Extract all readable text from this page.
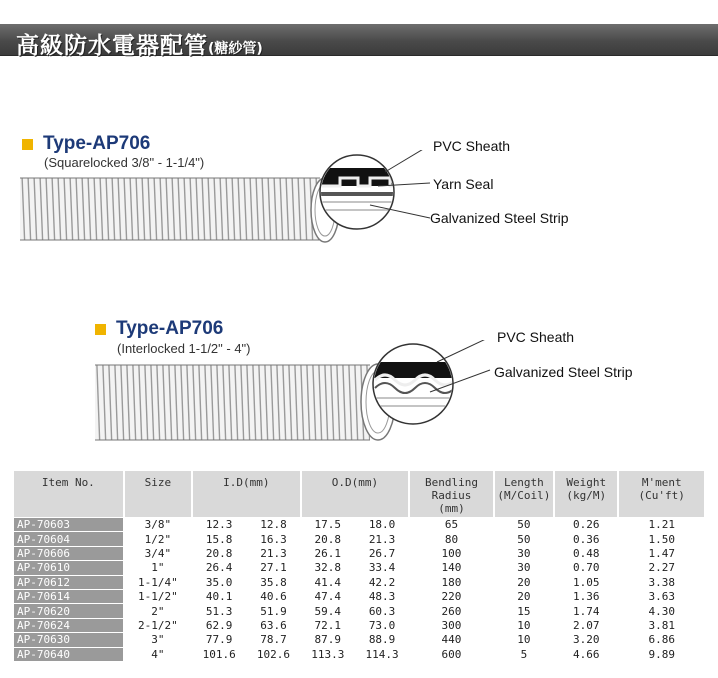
高級防水電器配管(糖紗管)
Type-AP706
(Squarelocked 3/8" - 1-1/4")
PVC Sheath
Yarn Seal
Galvanized Steel Strip
Type-AP706
(Interlocked 1-1/2" - 4")
PVC Sheath
Galvanized Steel Strip
Item No.	Size	I.D(mm)		O.D(mm)		Bendling
Radius
(mm)	Length
(M/Coil)	Weight
(kg/M)	M'ment
(Cu'ft)
AP-70603	3/8"	12.3	12.8	17.5	18.0	65	50	0.26	1.21
AP-70604	1/2"	15.8	16.3	20.8	21.3	80	50	0.36	1.50
AP-70606	3/4"	20.8	21.3	26.1	26.7	100	30	0.48	1.47
AP-70610	1"	26.4	27.1	32.8	33.4	140	30	0.70	2.27
AP-70612	1-1/4"	35.0	35.8	41.4	42.2	180	20	1.05	3.38
AP-70614	1-1/2"	40.1	40.6	47.4	48.3	220	20	1.36	3.63
AP-70620	2"	51.3	51.9	59.4	60.3	260	15	1.74	4.30
AP-70624	2-1/2"	62.9	63.6	72.1	73.0	300	10	2.07	3.81
AP-70630	3"	77.9	78.7	87.9	88.9	440	10	3.20	6.86
AP-70640	4"	101.6	102.6	113.3	114.3	600	5	4.66	9.89
